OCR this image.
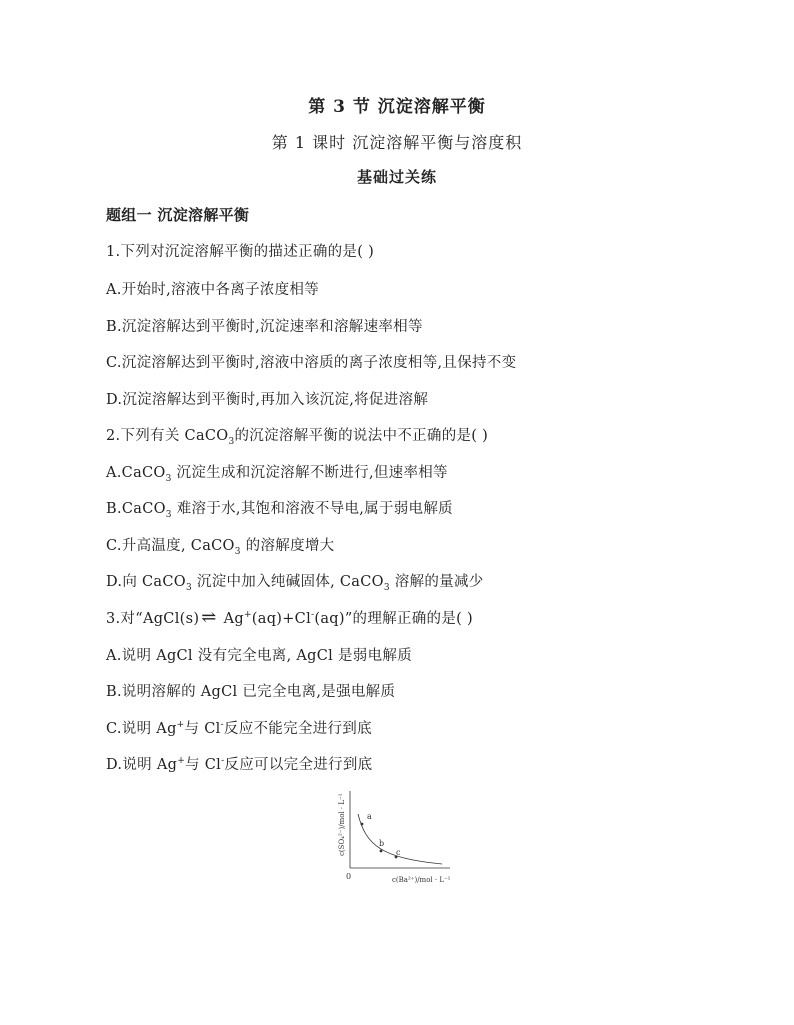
第 3 节 沉淀溶解平衡
第 1 课时 沉淀溶解平衡与溶度积
基础过关练
题组一 沉淀溶解平衡
1.下列对沉淀溶解平衡的描述正确的是( )
A.开始时,溶液中各离子浓度相等
B.沉淀溶解达到平衡时,沉淀速率和溶解速率相等
C.沉淀溶解达到平衡时,溶液中溶质的离子浓度相等,且保持不变
D.沉淀溶解达到平衡时,再加入该沉淀,将促进溶解
2.下列有关 CaCO$_3$的沉淀溶解平衡的说法中不正确的是( )
A.CaCO$_3$ 沉淀生成和沉淀溶解不断进行,但速率相等
B.CaCO$_3$ 难溶于水,其饱和溶液不导电,属于弱电解质
C.升高温度, CaCO$_3$ 的溶解度增大
D.向 CaCO$_3$ 沉淀中加入纯碱固体, CaCO$_3$ 溶解的量减少
3.对“AgCl(s) ⇌ Ag+(aq)+Cl-(aq)”的理解正确的是( )
A.说明 AgCl 没有完全电离, AgCl 是弱电解质
B.说明溶解的 AgCl 已完全电离,是强电解质
C.说明 Ag+与 Cl-反应不能完全进行到底
D.说明 Ag+与 Cl-反应可以完全进行到底
a
b
c
0	c(Ba²⁺)/mol · L⁻¹
c(SO₄²⁻)/mol · L⁻¹
